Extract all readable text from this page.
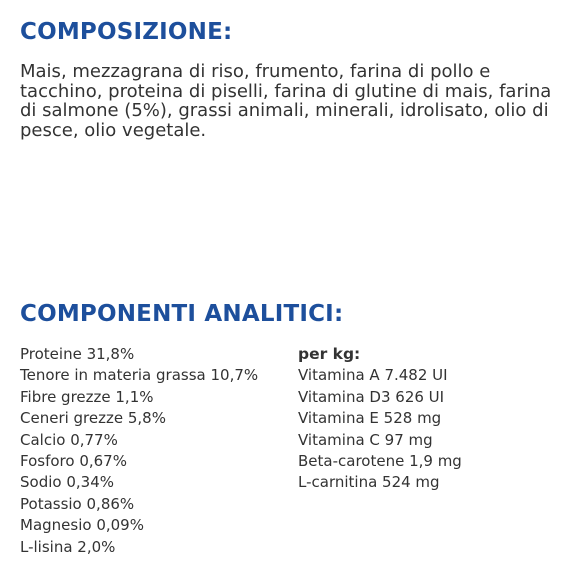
COMPOSIZIONE:

Mais, mezzagrana di riso, frumento, farina di pollo e tacchino, proteina di piselli, farina di glutine di mais, farina di salmone (5%), grassi animali, minerali, idrolisato, olio di pesce, olio vegetale.

COMPONENTI ANALITICI:
Proteine 31,8%
Tenore in materia grassa 10,7%
Fibre grezze 1,1%
Ceneri grezze 5,8%
Calcio 0,77%
Fosforo 0,67%
Sodio 0,34%
Potassio 0,86%
Magnesio 0,09%
L-lisina 2,0%
per kg:
Vitamina A 7.482 UI
Vitamina D3 626 UI
Vitamina E 528 mg
Vitamina C 97 mg
Beta-carotene 1,9 mg
L-carnitina 524 mg
